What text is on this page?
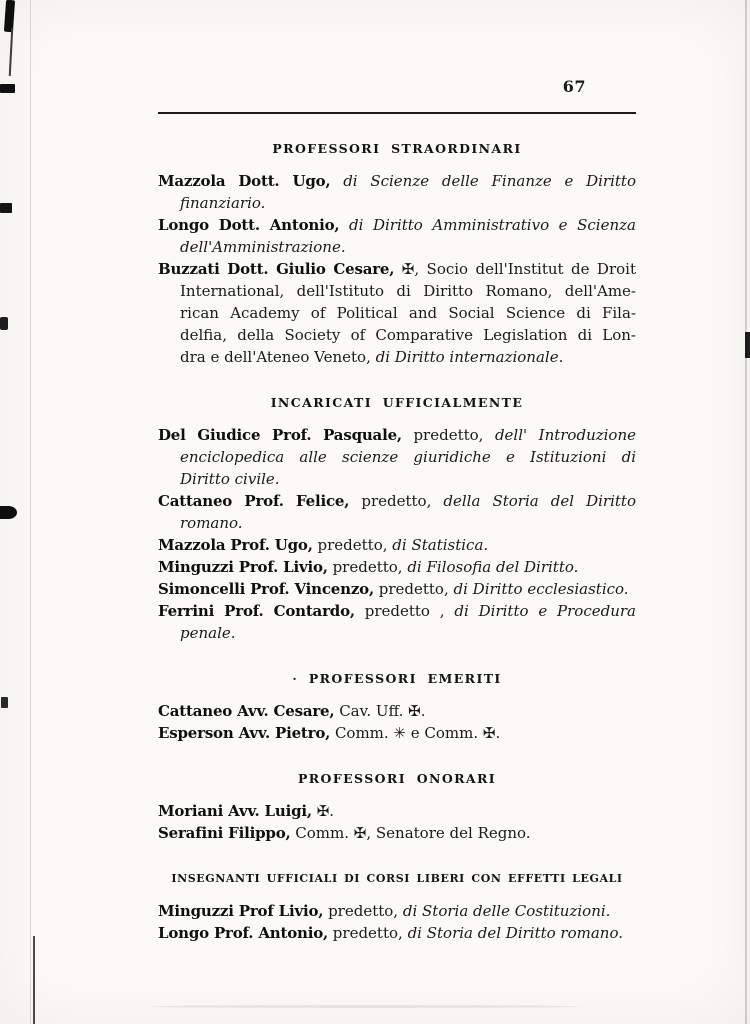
67
PROFESSORI STRAORDINARI
Mazzola Dott. Ugo, di Scienze delle Finanze e Diritto
finanziario.
Longo Dott. Antonio, di Diritto Amministrativo e Scienza
dell'Amministrazione.
Buzzati Dott. Giulio Cesare, ✠, Socio dell'Institut de Droit
International, dell'Istituto di Diritto Romano, dell'Ame-
rican Academy of Political and Social Science di Fila-
delfia, della Society of Comparative Legislation di Lon-
dra e dell'Ateneo Veneto, di Diritto internazionale.
INCARICATI UFFICIALMENTE
Del Giudice Prof. Pasquale, predetto, dell' Introduzione
enciclopedica alle scienze giuridiche e Istituzioni di
Diritto civile.
Cattaneo Prof. Felice, predetto, della Storia del Diritto
romano.
Mazzola Prof. Ugo, predetto, di Statistica.
Minguzzi Prof. Livio, predetto, di Filosofia del Diritto.
Simoncelli Prof. Vincenzo, predetto, di Diritto ecclesiastico.
Ferrini Prof. Contardo, predetto , di Diritto e Procedura
penale.
· PROFESSORI EMERITI
Cattaneo Avv. Cesare, Cav. Uff. ✠.
Esperson Avv. Pietro, Comm. ✳ e Comm. ✠.
PROFESSORI ONORARI
Moriani Avv. Luigi, ✠.
Serafini Filippo, Comm. ✠, Senatore del Regno.
INSEGNANTI UFFICIALI DI CORSI LIBERI CON EFFETTI LEGALI
Minguzzi Prof Livio, predetto, di Storia delle Costituzioni.
Longo Prof. Antonio, predetto, di Storia del Diritto romano.
